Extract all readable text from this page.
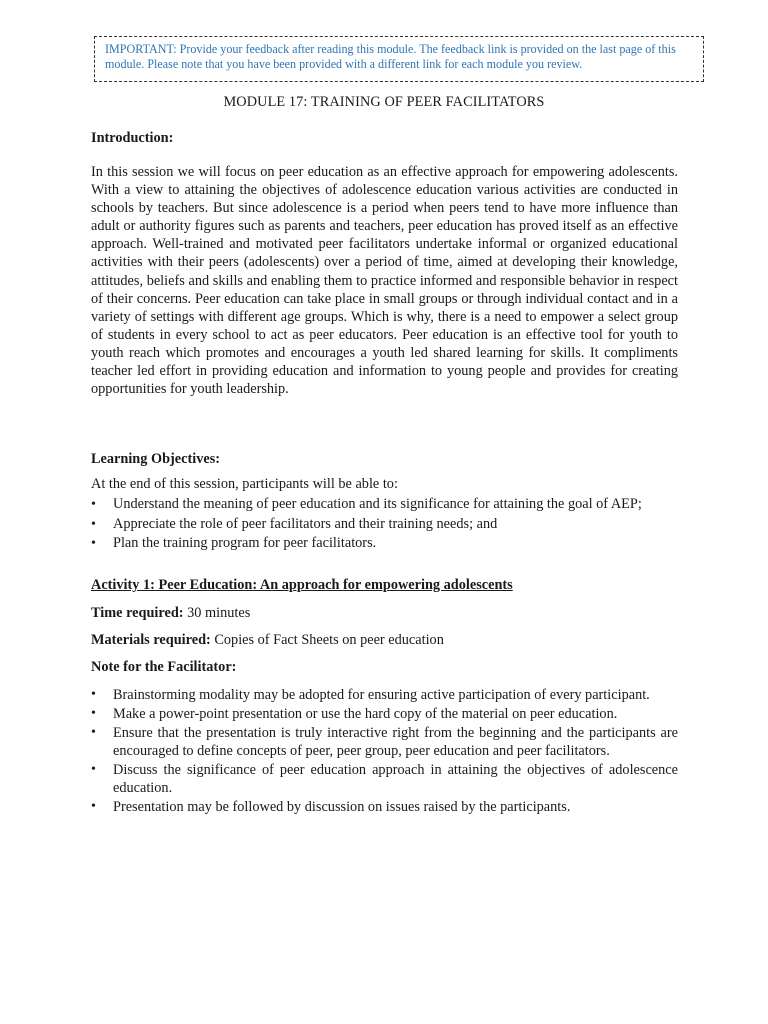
IMPORTANT: Provide your feedback after reading this module. The feedback link is provided on the last page of this module. Please note that you have been provided with a different link for each module you review.
MODULE 17: TRAINING OF PEER FACILITATORS

Introduction:

In this session we will focus on peer education as an effective approach for empowering adolescents. With a view to attaining the objectives of adolescence education various activities are conducted in schools by teachers. But since adolescence is a period when peers tend to have more influence than adult or authority figures such as parents and teachers, peer education has proved itself as an effective approach. Well-trained and motivated peer facilitators undertake informal or organized educational activities with their peers (adolescents) over a period of time, aimed at developing their knowledge, attitudes, beliefs and skills and enabling them to practice informed and responsible behavior in respect of their concerns. Peer education can take place in small groups or through individual contact and in a variety of settings with different age groups. Which is why, there is a need to empower a select group of students in every school to act as peer educators. Peer education is an effective tool for youth to youth reach which promotes and encourages a youth led shared learning for skills. It compliments teacher led effort in providing education and information to young people and provides for creating opportunities for youth leadership.

Learning Objectives:

At the end of this session, participants will be able to:

• Understand the meaning of peer education and its significance for attaining the goal of AEP;
• Appreciate the role of peer facilitators and their training needs; and
• Plan the training program for peer facilitators.

Activity 1: Peer Education: An approach for empowering adolescents

Time required: 30 minutes

Materials required: Copies of Fact Sheets on peer education

Note for the Facilitator:

• Brainstorming modality may be adopted for ensuring active participation of every participant.
• Make a power-point presentation or use the hard copy of the material on peer education.
• Ensure that the presentation is truly interactive right from the beginning and the participants are encouraged to define concepts of peer, peer group, peer education and peer facilitators.
• Discuss the significance of peer education approach in attaining the objectives of adolescence education.
• Presentation may be followed by discussion on issues raised by the participants.
